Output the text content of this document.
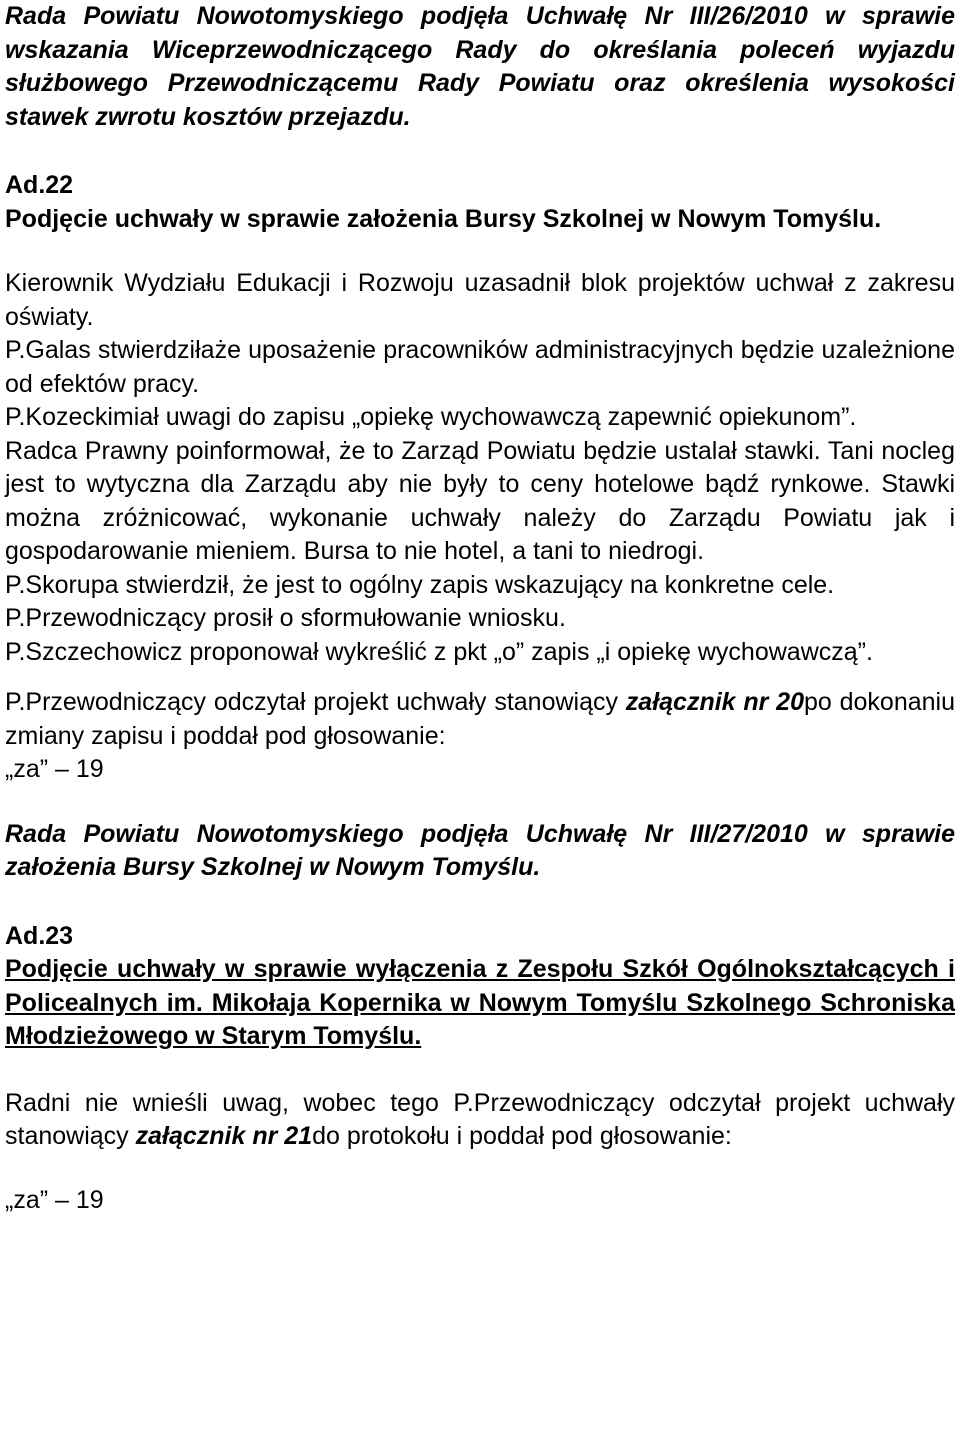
Rada Powiatu Nowotomyskiego podjęła Uchwałę Nr III/26/2010 w sprawie wskazania Wiceprzewodniczącego Rady do określania poleceń wyjazdu służbowego Przewodniczącemu Rady Powiatu oraz określenia wysokości stawek zwrotu kosztów przejazdu.

Ad.22

Podjęcie uchwały w sprawie założenia Bursy Szkolnej w Nowym Tomyślu.

Kierownik Wydziału Edukacji i Rozwoju uzasadnił blok projektów uchwał z zakresu oświaty.

P.Galas stwierdziłaże uposażenie pracowników administracyjnych będzie uzależnione od efektów pracy.

P.Kozeckimiał uwagi do zapisu „opiekę wychowawczą zapewnić opiekunom”.

Radca Prawny poinformował, że to Zarząd Powiatu będzie ustalał stawki. Tani nocleg jest to wytyczna dla Zarządu aby nie były to ceny hotelowe bądź rynkowe. Stawki można zróżnicować, wykonanie uchwały należy do Zarządu Powiatu jak i gospodarowanie mieniem. Bursa to nie hotel, a tani to niedrogi.

P.Skorupa stwierdził, że jest to ogólny zapis wskazujący na konkretne cele.

P.Przewodniczący prosił o sformułowanie wniosku.

P.Szczechowicz proponował wykreślić z pkt „o” zapis „i opiekę wychowawczą”.

P.Przewodniczący odczytał projekt uchwały stanowiący załącznik nr 20po dokonaniu zmiany zapisu i poddał pod głosowanie:

„za” – 19

Rada Powiatu Nowotomyskiego podjęła Uchwałę Nr III/27/2010 w sprawie założenia Bursy Szkolnej w Nowym Tomyślu.

Ad.23

Podjęcie uchwały w sprawie wyłączenia z Zespołu Szkół Ogólnokształcących i Policealnych im. Mikołaja Kopernika w Nowym Tomyślu Szkolnego Schroniska Młodzieżowego w Starym Tomyślu.

Radni nie wnieśli uwag, wobec tego P.Przewodniczący odczytał projekt uchwały stanowiący załącznik nr 21do protokołu i poddał pod głosowanie:

„za” – 19
